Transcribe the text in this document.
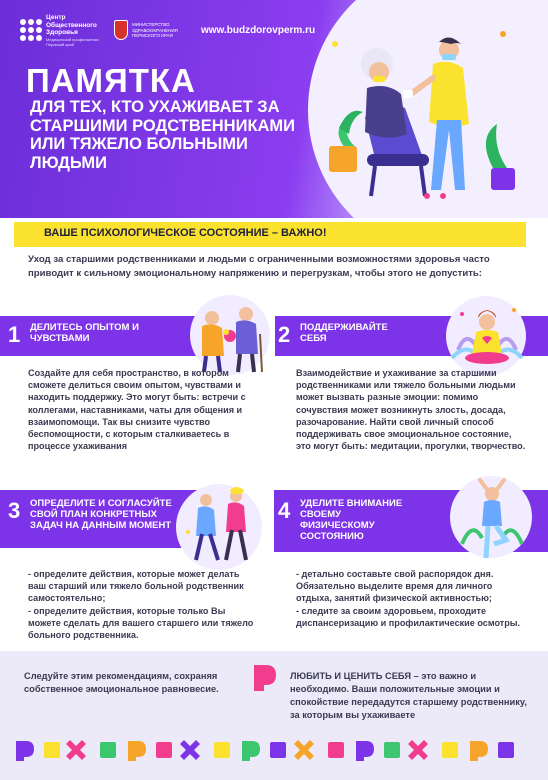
Центр
Общественного
Здоровья
Медицинский профилактики Пермский край
МИНИСТЕРСТВО ЗДРАВООХРАНЕНИЯ ПЕРМСКОГО КРАЯ	www.budzdorovperm.ru
ПАМЯТКА
ДЛЯ ТЕХ, КТО УХАЖИВАЕТ ЗА СТАРШИМИ РОДСТВЕННИКАМИ ИЛИ ТЯЖЕЛО БОЛЬНЫМИ ЛЮДЬМИ
ВАШЕ ПСИХОЛОГИЧЕСКОЕ СОСТОЯНИЕ – ВАЖНО!
Уход за старшими родственниками и людьми с ограниченными возможностями здоровья часто приводит к сильному эмоциональному напряжению и перегрузкам, чтобы этого не допустить:
1 ДЕЛИТЕСЬ ОПЫТОМ И ЧУВСТВАМИ
Создайте для себя пространство, в котором сможете делиться своим опытом, чувствами и находить поддержку. Это могут быть: встречи с коллегами, наставниками, чаты для общения и взаимопомощи. Так вы снизите чувство беспомощности, с которым сталкиваетесь в процессе ухаживания
2 ПОДДЕРЖИВАЙТЕ СЕБЯ
Взаимодействие и ухаживание за старшими родственниками или тяжело больными людьми может вызвать разные эмоции: помимо сочувствия может возникнуть злость, досада, разочарование. Найти свой личный способ поддерживать свое эмоциональное состояние, это могут быть: медитации, прогулки, творчество.
3 ОПРЕДЕЛИТЕ И СОГЛАСУЙТЕ СВОЙ ПЛАН КОНКРЕТНЫХ ЗАДАЧ НА ДАННЫМ МОМЕНТ
- определите действия, которые может делать ваш старший или тяжело больной родственник самостоятельно;
- определите действия, которые только Вы можете сделать для вашего старшего или тяжело больного родственника.
4 УДЕЛИТЕ ВНИМАНИЕ СВОЕМУ ФИЗИЧЕСКОМУ СОСТОЯНИЮ
- детально составьте свой распорядок дня. Обязательно выделите время для личного отдыха, занятий физической активностью;
- следите за своим здоровьем, проходите диспансеризацию и профилактические осмотры.
Следуйте этим рекомендациям, сохраняя собственное эмоциональное равновесие.
ЛЮБИТЬ И ЦЕНИТЬ СЕБЯ – это важно и необходимо. Ваши положительные эмоции и спокойствие передадутся старшему родственнику, за которым вы ухаживаете
